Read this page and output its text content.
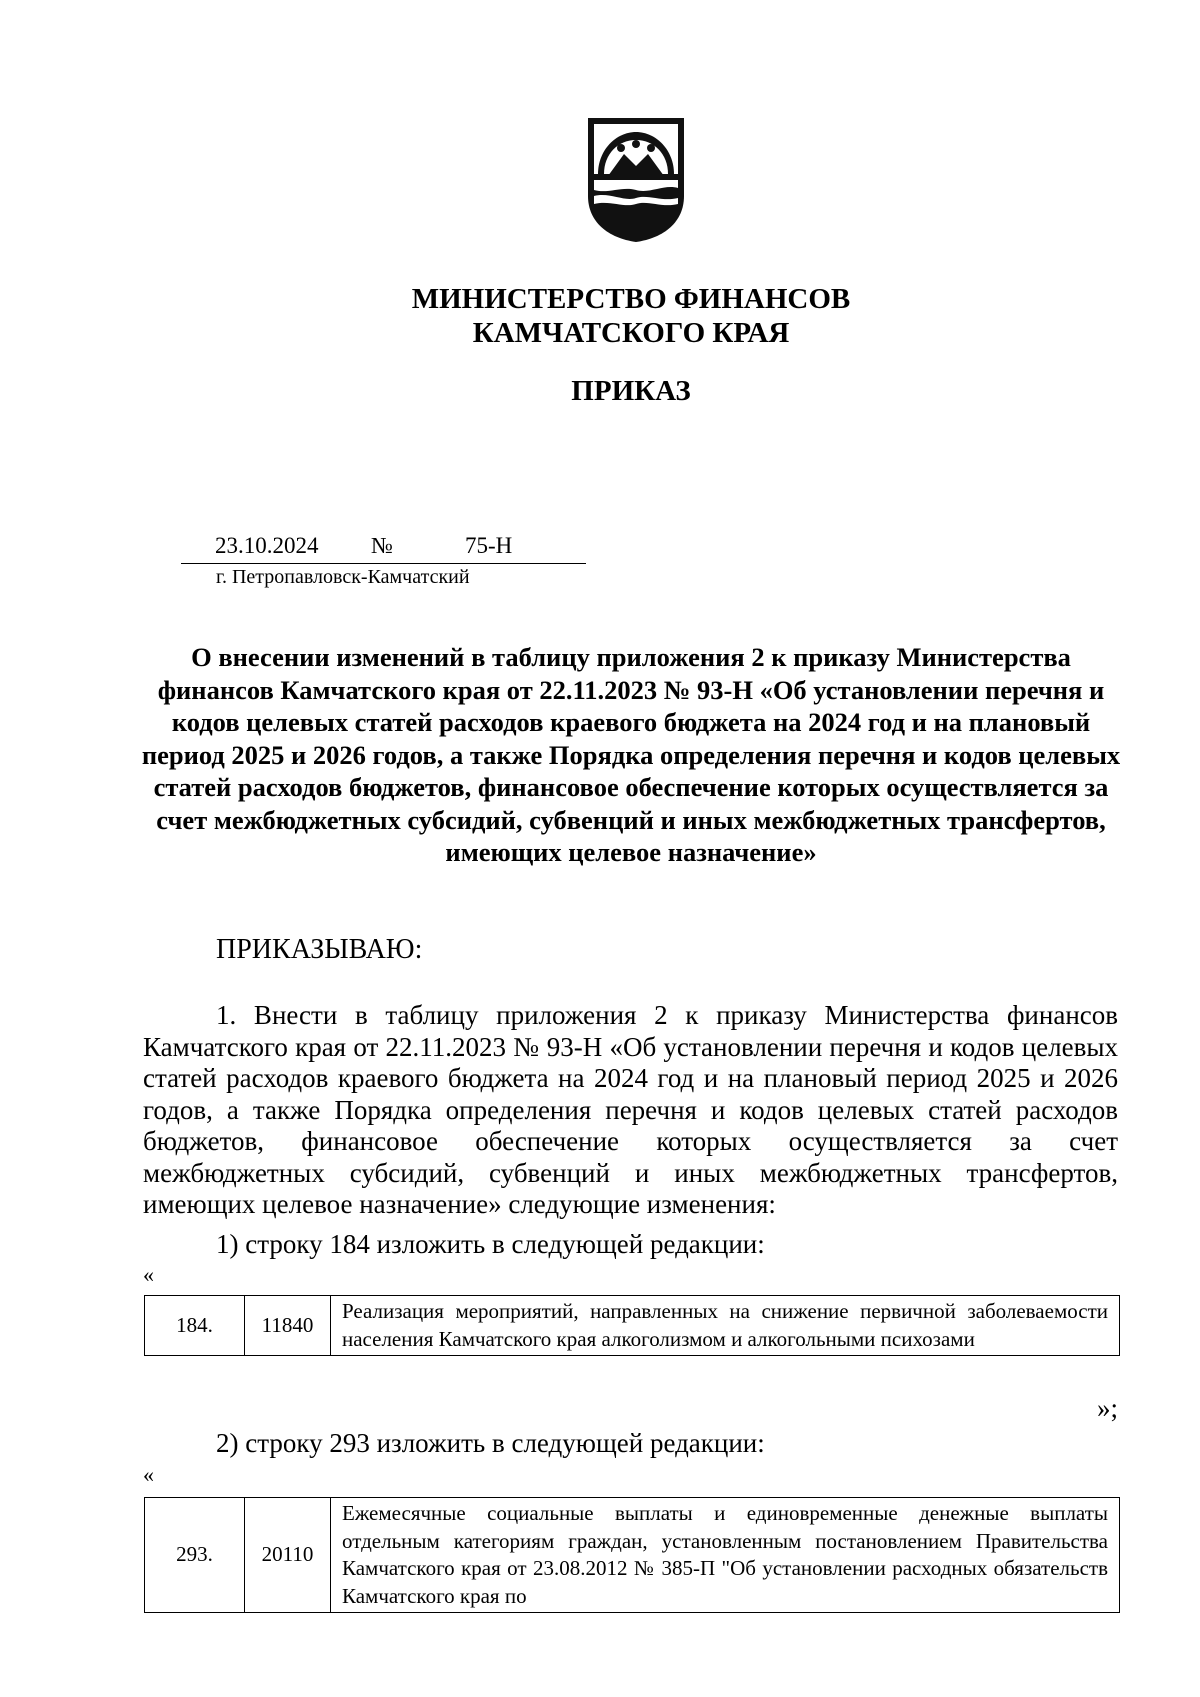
МИНИСТЕРСТВО ФИНАНСОВ
КАМЧАТСКОГО КРАЯ
ПРИКАЗ
23.10.2024 №	75-Н
г. Петропавловск-Камчатский
О внесении изменений в таблицу приложения 2 к приказу Министерства финансов Камчатского края от 22.11.2023 № 93-Н «Об установлении перечня и кодов целевых статей расходов краевого бюджета на 2024 год и на плановый период 2025 и 2026 годов, а также Порядка определения перечня и кодов целевых статей расходов бюджетов, финансовое обеспечение которых осуществляется за счет межбюджетных субсидий, субвенций и иных межбюджетных трансфертов, имеющих целевое назначение»
ПРИКАЗЫВАЮ:
1. Внести в таблицу приложения 2 к приказу Министерства финансов Камчатского края от 22.11.2023 № 93-Н «Об установлении перечня и кодов целевых статей расходов краевого бюджета на 2024 год и на плановый период 2025 и 2026 годов, а также Порядка определения перечня и кодов целевых статей расходов бюджетов, финансовое обеспечение которых осуществляется за счет межбюджетных субсидий, субвенций и иных межбюджетных трансфертов, имеющих целевое назначение» следующие изменения:
1) строку 184 изложить в следующей редакции:
«
184.	11840	Реализация мероприятий, направленных на снижение первичной заболеваемости населения Камчатского края алкоголизмом и алкогольными психозами
»;
2) строку 293 изложить в следующей редакции:
«
293.	20110	Ежемесячные социальные выплаты и единовременные денежные выплаты отдельным категориям граждан, установленным постановлением Правительства Камчатского края от 23.08.2012 № 385-П "Об установлении расходных обязательств Камчатского края по
